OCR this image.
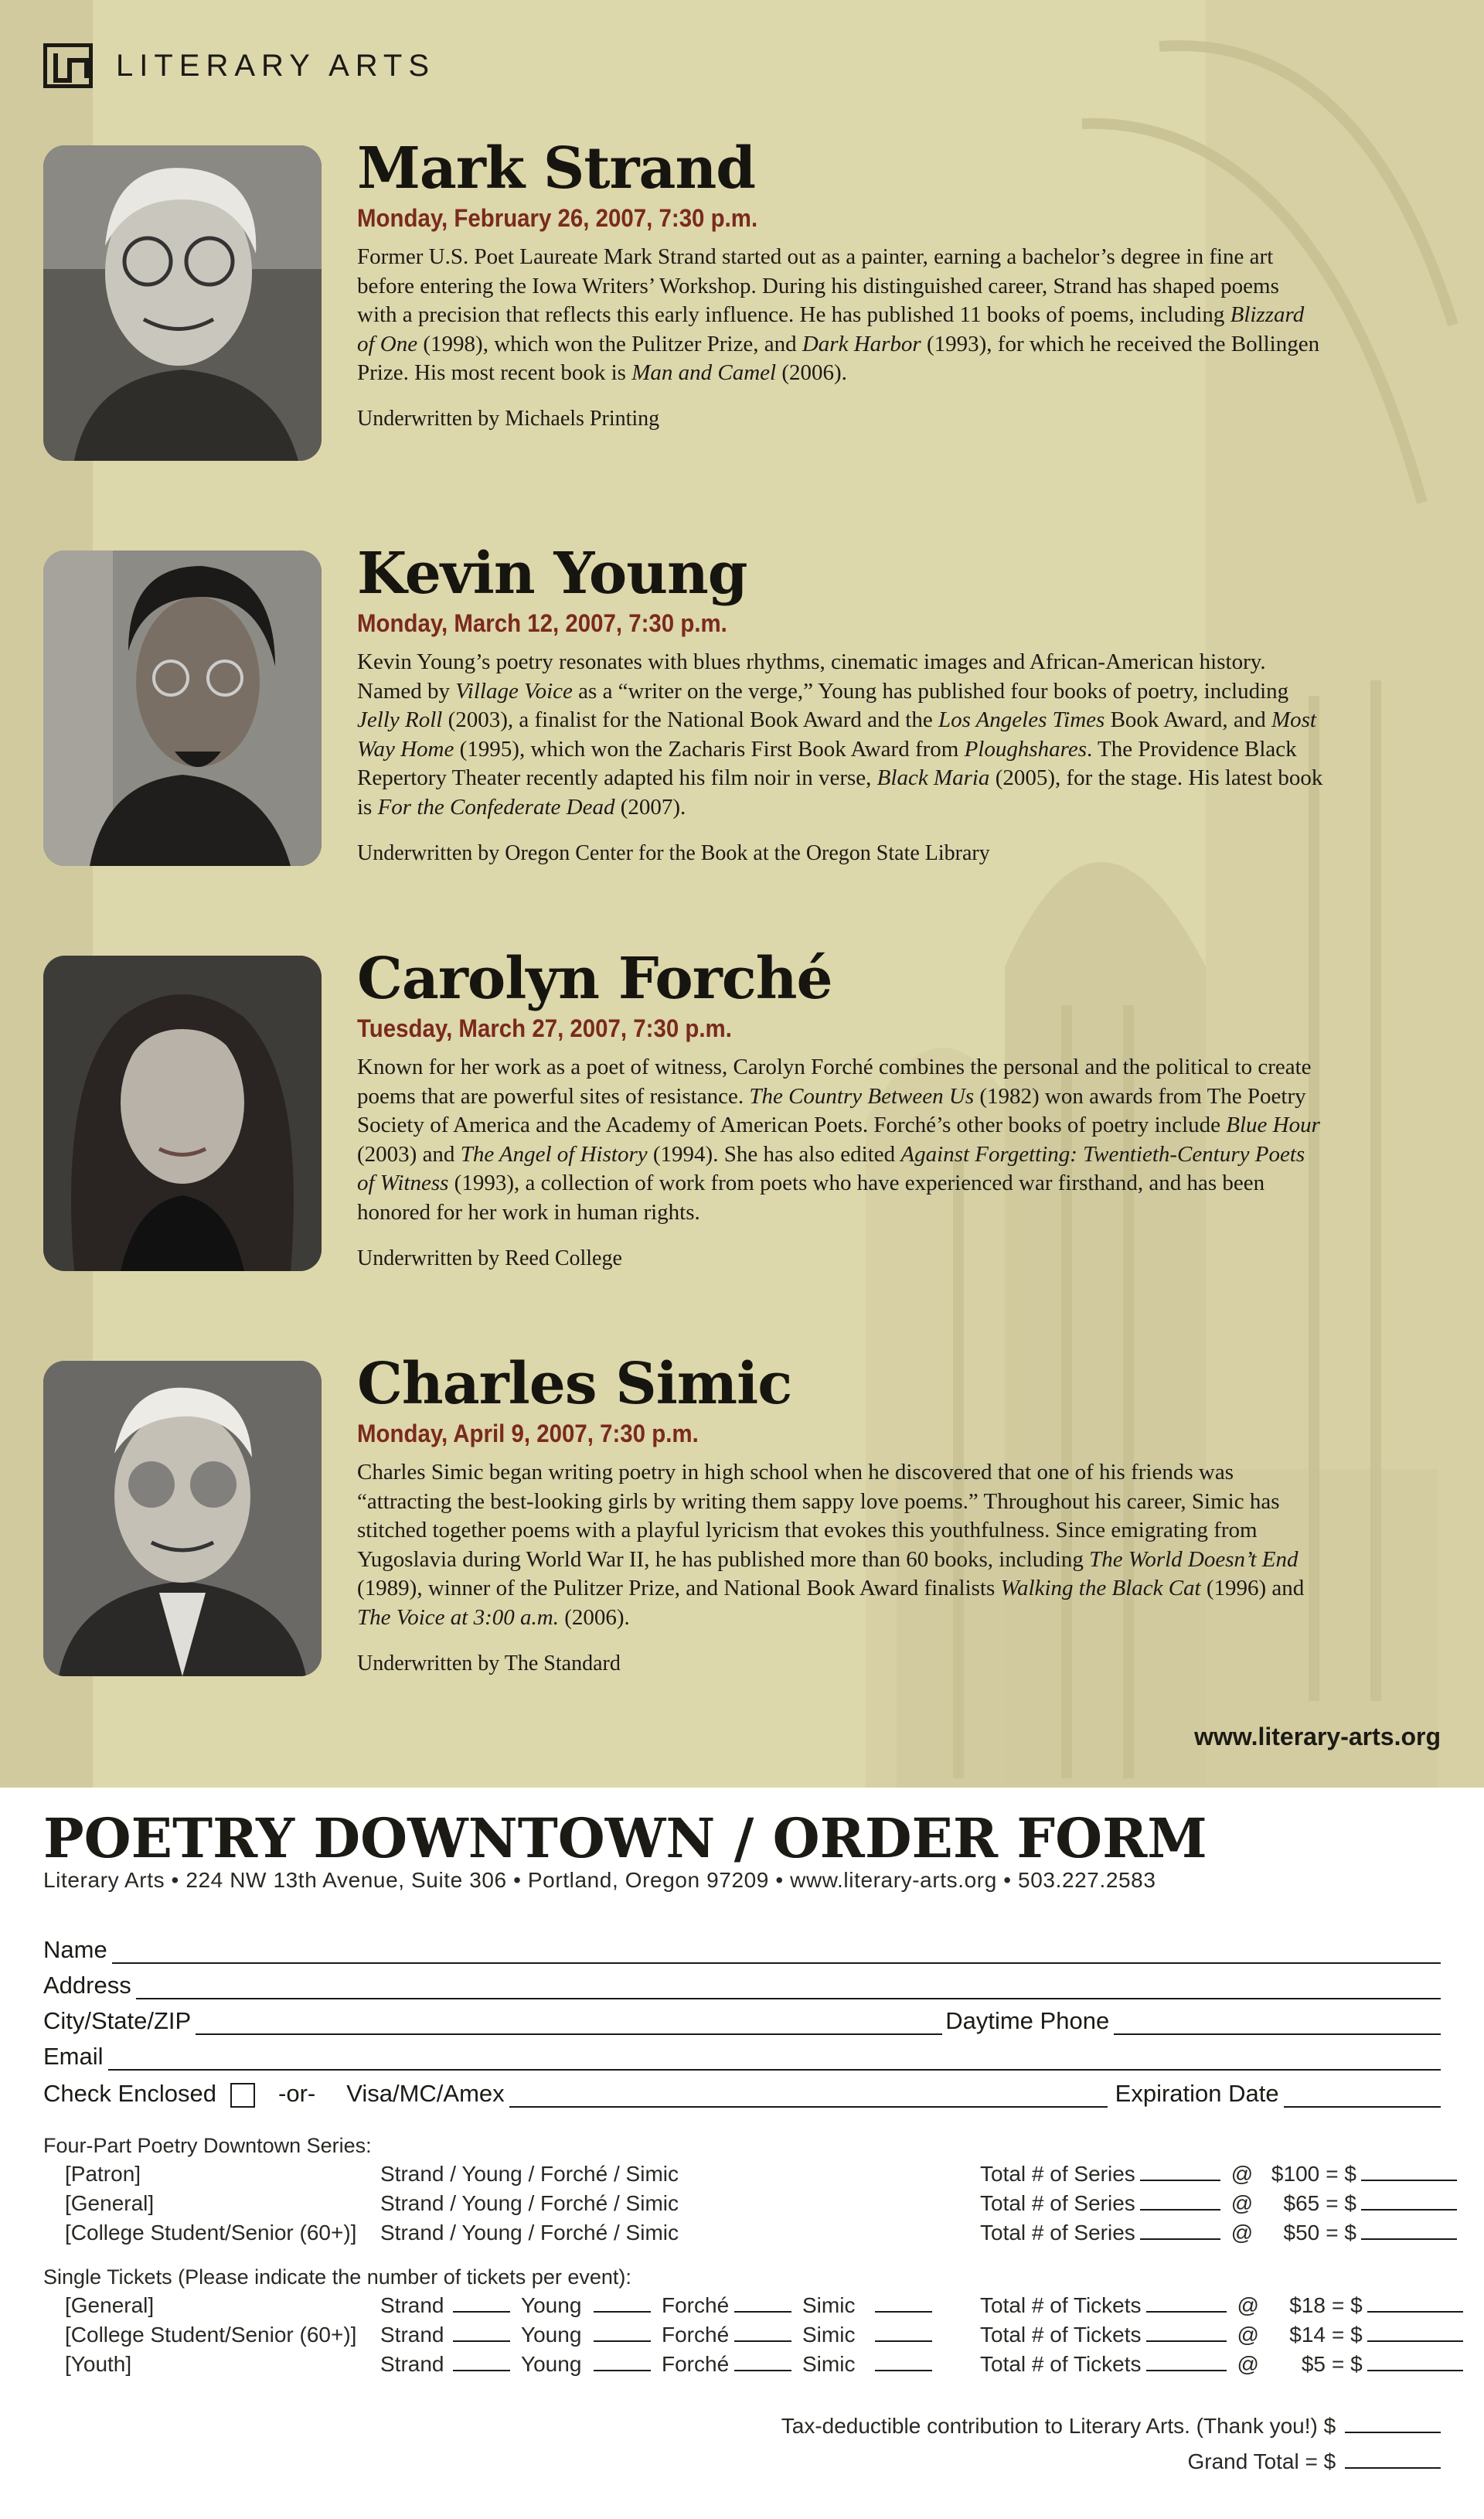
LITERARY ARTS
Mark Strand
Monday, February 26, 2007, 7:30 p.m.
Former U.S. Poet Laureate Mark Strand started out as a painter, earning a bachelor’s degree in fine art before entering the Iowa Writers’ Workshop. During his distinguished career, Strand has shaped poems with a precision that reflects this early influence. He has published 11 books of poems, including Blizzard of One (1998), which won the Pulitzer Prize, and Dark Harbor (1993), for which he received the Bollingen Prize. His most recent book is Man and Camel (2006).
Underwritten by Michaels Printing
Kevin Young
Monday, March 12, 2007, 7:30 p.m.
Kevin Young’s poetry resonates with blues rhythms, cinematic images and African-American history. Named by Village Voice as a “writer on the verge,” Young has published four books of poetry, including Jelly Roll (2003), a finalist for the National Book Award and the Los Angeles Times Book Award, and Most Way Home (1995), which won the Zacharis First Book Award from Ploughshares. The Providence Black Repertory Theater recently adapted his film noir in verse, Black Maria (2005), for the stage. His latest book is For the Confederate Dead (2007).
Underwritten by Oregon Center for the Book at the Oregon State Library
Carolyn Forché
Tuesday, March 27, 2007, 7:30 p.m.
Known for her work as a poet of witness, Carolyn Forché combines the personal and the political to create poems that are powerful sites of resistance. The Country Between Us (1982) won awards from The Poetry Society of America and the Academy of American Poets. Forché’s other books of poetry include Blue Hour (2003) and The Angel of History (1994). She has also edited Against Forgetting: Twentieth-Century Poets of Witness (1993), a collection of work from poets who have experienced war firsthand, and has been honored for her work in human rights.
Underwritten by Reed College
Charles Simic
Monday, April 9, 2007, 7:30 p.m.
Charles Simic began writing poetry in high school when he discovered that one of his friends was “attracting the best-looking girls by writing them sappy love poems.” Throughout his career, Simic has stitched together poems with a playful lyricism that evokes this youthfulness. Since emigrating from Yugoslavia during World War II, he has published more than 60 books, including The World Doesn’t End (1989), winner of the Pulitzer Prize, and National Book Award finalists Walking the Black Cat (1996) and The Voice at 3:00 a.m. (2006).
Underwritten by The Standard
www.literary-arts.org
POETRY DOWNTOWN / ORDER FORM
Literary Arts • 224 NW 13th Avenue, Suite 306 • Portland, Oregon 97209 • www.literary-arts.org • 503.227.2583
Name
Address
City/State/ZIP	Daytime Phone
Email
Check Enclosed	-or-	Visa/MC/Amex	Expiration Date
Four-Part Poetry Downtown Series:
[Patron]	Strand / Young / Forché / Simic	Total # of Series	@ $100 = $
[General]	Strand / Young / Forché / Simic	Total # of Series	@ $65 = $
[College Student/Senior (60+)] Strand / Young / Forché / Simic	Total # of Series	@ $50 = $
Single Tickets (Please indicate the number of tickets per event):
[General]	Strand	Young	Forché	Simic	Total # of Tickets	@ $18 = $
[College Student/Senior (60+)] Strand	Young	Forché	Simic	Total # of Tickets	@ $14 = $
[Youth]	Strand	Young	Forché	Simic	Total # of Tickets	@ $5 = $
Tax-deductible contribution to Literary Arts. (Thank you!) $
Grand Total = $
